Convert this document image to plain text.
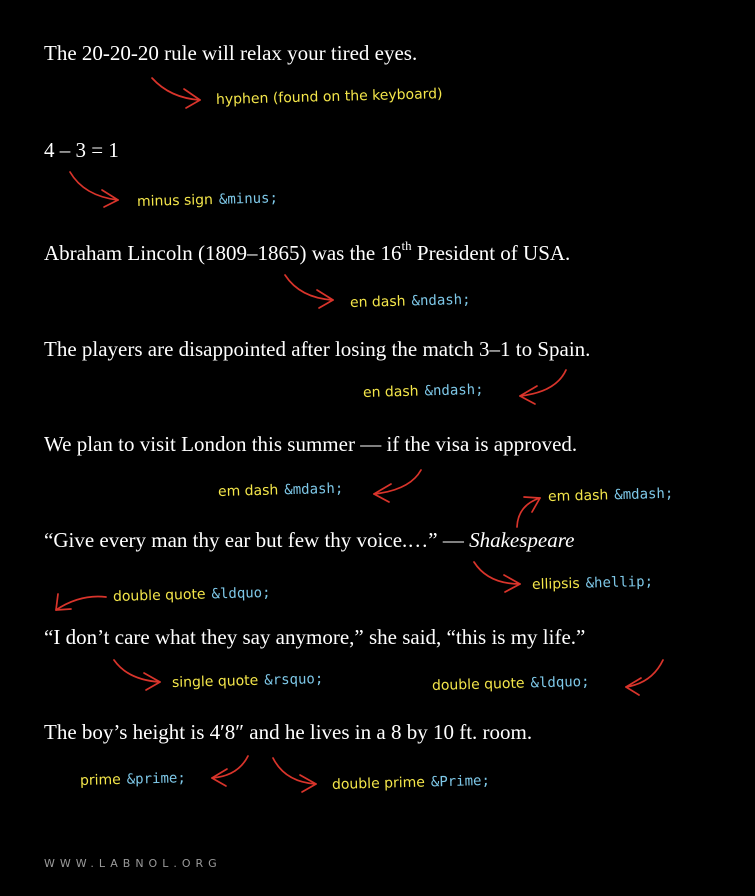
The 20-20-20 rule will relax your tired eyes.

4 – 3 = 1

Abraham Lincoln (1809–1865) was the 16th President of USA.

The players are disappointed after losing the match 3–1 to Spain.

We plan to visit London this summer — if the visa is approved.

“Give every man thy ear but few thy voice.…” — Shakespeare

“I don’t care what they say anymore,” she said, “this is my life.”

The boy’s height is 4′8″ and he lives in a 8 by 10 ft. room.

hyphen (found on the keyboard)
minus sign &minus;
en dash &ndash;
en dash &ndash;
em dash &mdash;	em dash &mdash;
ellipsis &hellip;
double quote &ldquo;
single quote &rsquo;	double quote &ldquo;
prime &prime;	double prime &Prime;

WWW.LABNOL.ORG
